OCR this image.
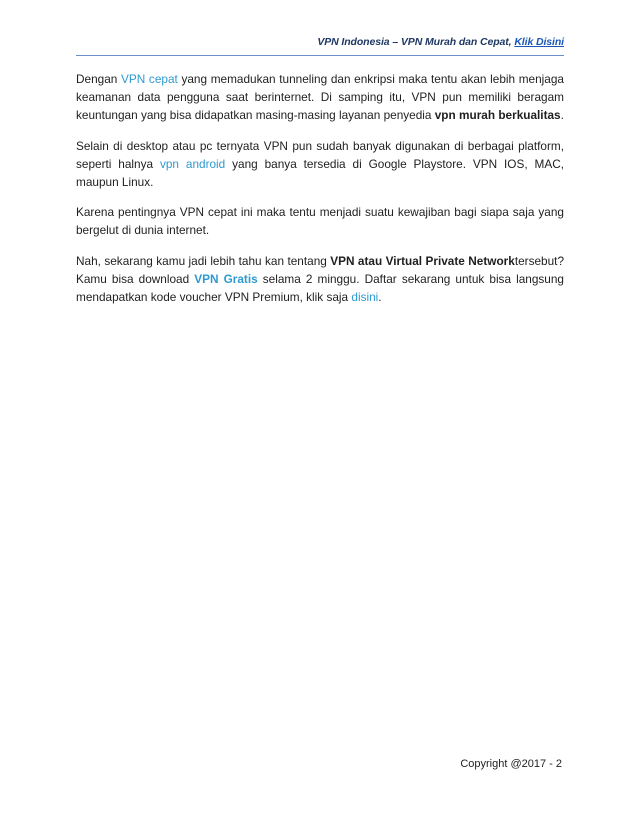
VPN Indonesia – VPN Murah dan Cepat, Klik Disini

Dengan VPN cepat yang memadukan tunneling dan enkripsi maka tentu akan lebih menjaga keamanan data pengguna saat berinternet. Di samping itu, VPN pun memiliki beragam keuntungan yang bisa didapatkan masing-masing layanan penyedia vpn murah berkualitas.

Selain di desktop atau pc ternyata VPN pun sudah banyak digunakan di berbagai platform, seperti halnya vpn android yang banya tersedia di Google Playstore. VPN IOS, MAC, maupun Linux.

Karena pentingnya VPN cepat ini maka tentu menjadi suatu kewajiban bagi siapa saja yang bergelut di dunia internet.

Nah, sekarang kamu jadi lebih tahu kan tentang VPN atau Virtual Private Networktersebut? Kamu bisa download VPN Gratis selama 2 minggu. Daftar sekarang untuk bisa langsung mendapatkan kode voucher VPN Premium, klik saja disini.

Copyright @2017 - 2
